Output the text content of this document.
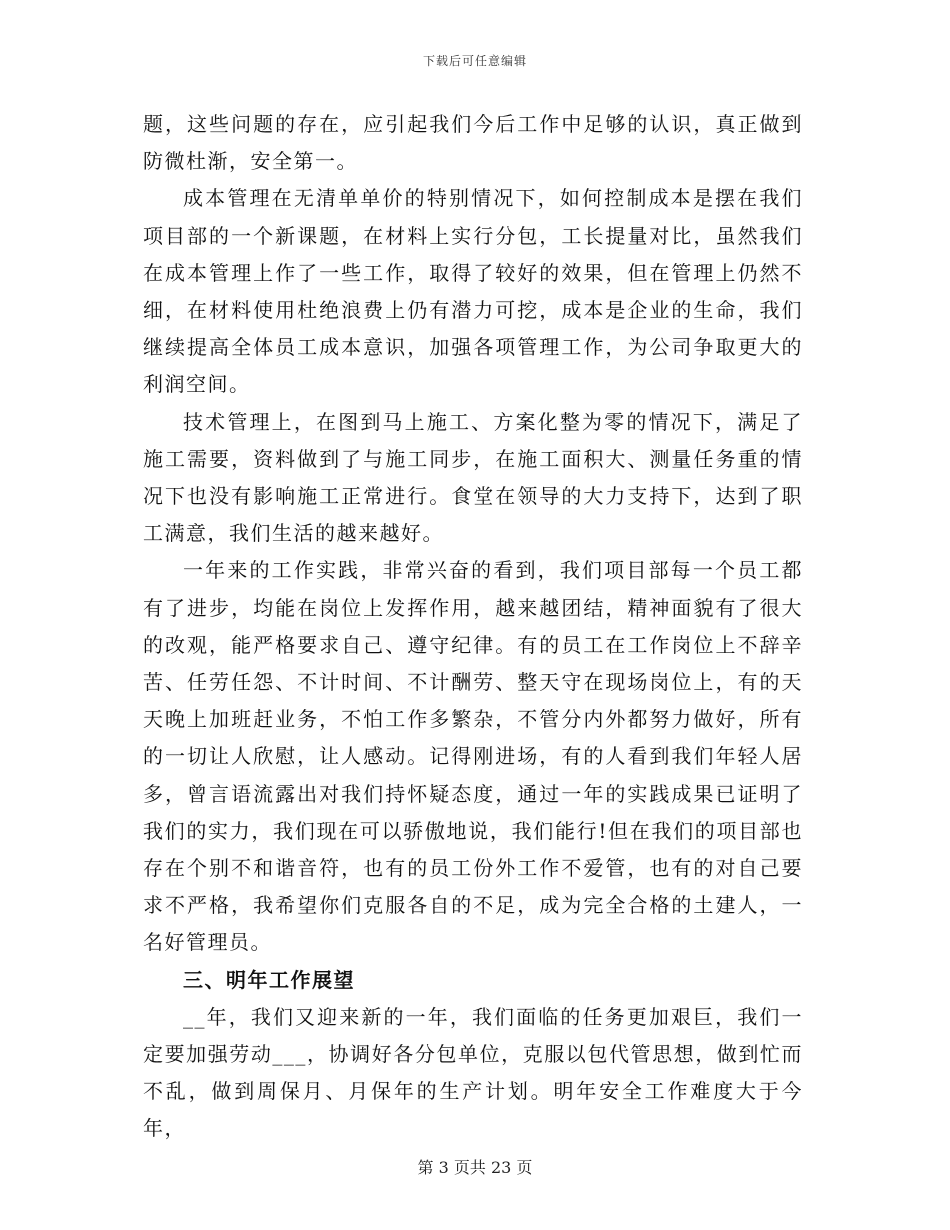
下载后可任意编辑

题，这些问题的存在，应引起我们今后工作中足够的认识，真正做到防微杜渐，安全第一。

成本管理在无清单单价的特别情况下，如何控制成本是摆在我们项目部的一个新课题，在材料上实行分包，工长提量对比，虽然我们在成本管理上作了一些工作，取得了较好的效果，但在管理上仍然不细，在材料使用杜绝浪费上仍有潜力可挖，成本是企业的生命，我们继续提高全体员工成本意识，加强各项管理工作，为公司争取更大的利润空间。

技术管理上，在图到马上施工、方案化整为零的情况下，满足了施工需要，资料做到了与施工同步，在施工面积大、测量任务重的情况下也没有影响施工正常进行。食堂在领导的大力支持下，达到了职工满意，我们生活的越来越好。

一年来的工作实践，非常兴奋的看到，我们项目部每一个员工都有了进步，均能在岗位上发挥作用，越来越团结，精神面貌有了很大的改观，能严格要求自己、遵守纪律。有的员工在工作岗位上不辞辛苦、任劳任怨、不计时间、不计酬劳、整天守在现场岗位上，有的天天晚上加班赶业务，不怕工作多繁杂，不管分内外都努力做好，所有的一切让人欣慰，让人感动。记得刚进场，有的人看到我们年轻人居多，曾言语流露出对我们持怀疑态度，通过一年的实践成果已证明了我们的实力，我们现在可以骄傲地说，我们能行!但在我们的项目部也存在个别不和谐音符，也有的员工份外工作不爱管，也有的对自己要求不严格，我希望你们克服各自的不足，成为完全合格的土建人，一名好管理员。

三、明年工作展望

__年，我们又迎来新的一年，我们面临的任务更加艰巨，我们一定要加强劳动___，协调好各分包单位，克服以包代管思想，做到忙而不乱，做到周保月、月保年的生产计划。明年安全工作难度大于今年，

第 3 页共 23 页
